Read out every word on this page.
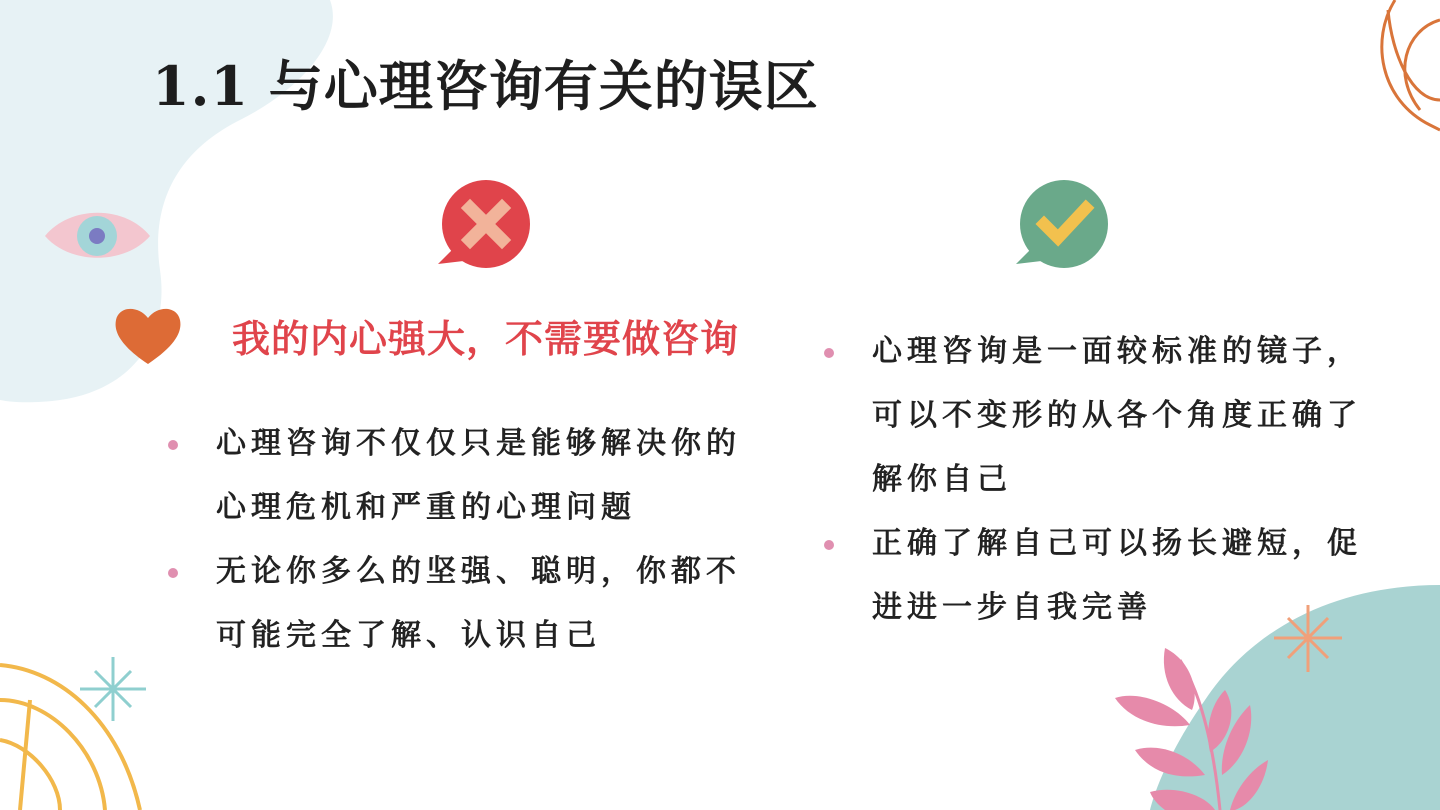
1.1 与心理咨询有关的误区
我的内心强大，不需要做咨询
心理咨询不仅仅只是能够解决你的心理危机和严重的心理问题
无论你多么的坚强、聪明，你都不可能完全了解、认识自己
心理咨询是一面较标准的镜子，可以不变形的从各个角度正确了解你自己
正确了解自己可以扬长避短，促进进一步自我完善
